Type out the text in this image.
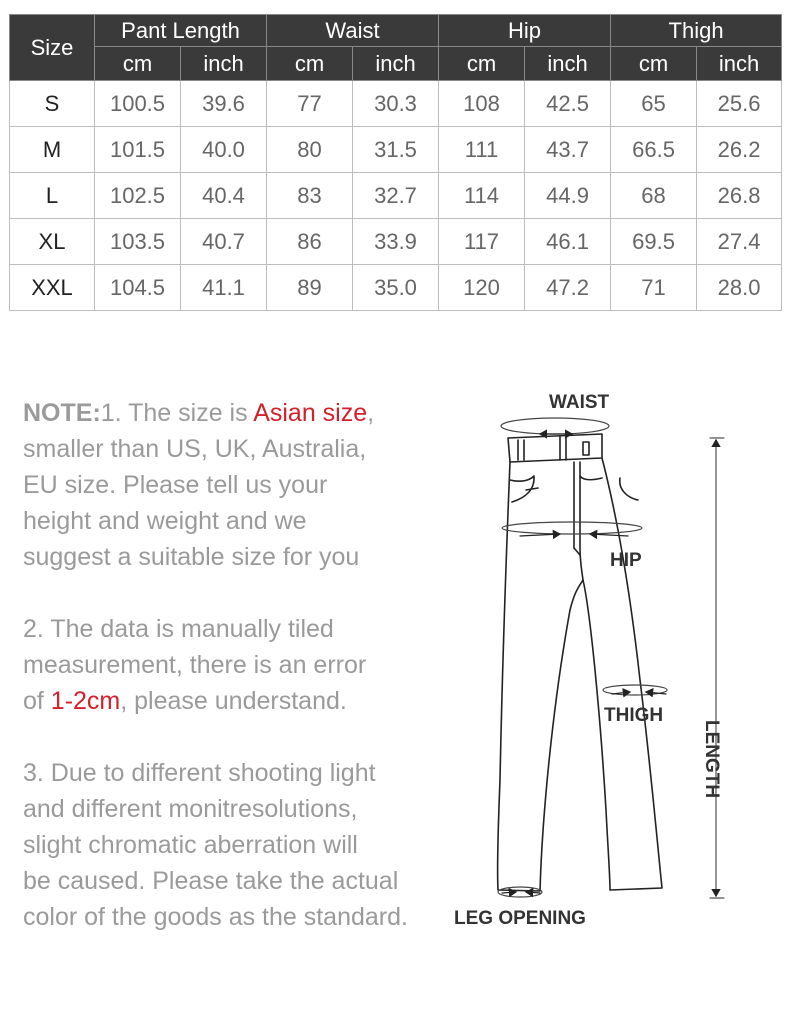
Size	Pant Length		Waist		Hip		Thigh	
	cm	inch	cm	inch	cm	inch	cm	inch
S	100.5	39.6	77	30.3	108	42.5	65	25.6
M	101.5	40.0	80	31.5	111	43.7	66.5	26.2
L	102.5	40.4	83	32.7	114	44.9	68	26.8
XL	103.5	40.7	86	33.9	117	46.1	69.5	27.4
XXL	104.5	41.1	89	35.0	120	47.2	71	28.0

NOTE:1. The size is Asian size,

smaller than US, UK, Australia,

EU size. Please tell us your

height and weight and we

suggest a suitable size for you

2. The data is manually tiled

measurement, there is an error

of 1-2cm, please understand.

3. Due to different shooting light

and different monitresolutions,

slight chromatic aberration will

be caused. Please take the actual

color of the goods as the standard.

WAIST
HIP
THIGH
LENGTH
LEG OPENING
